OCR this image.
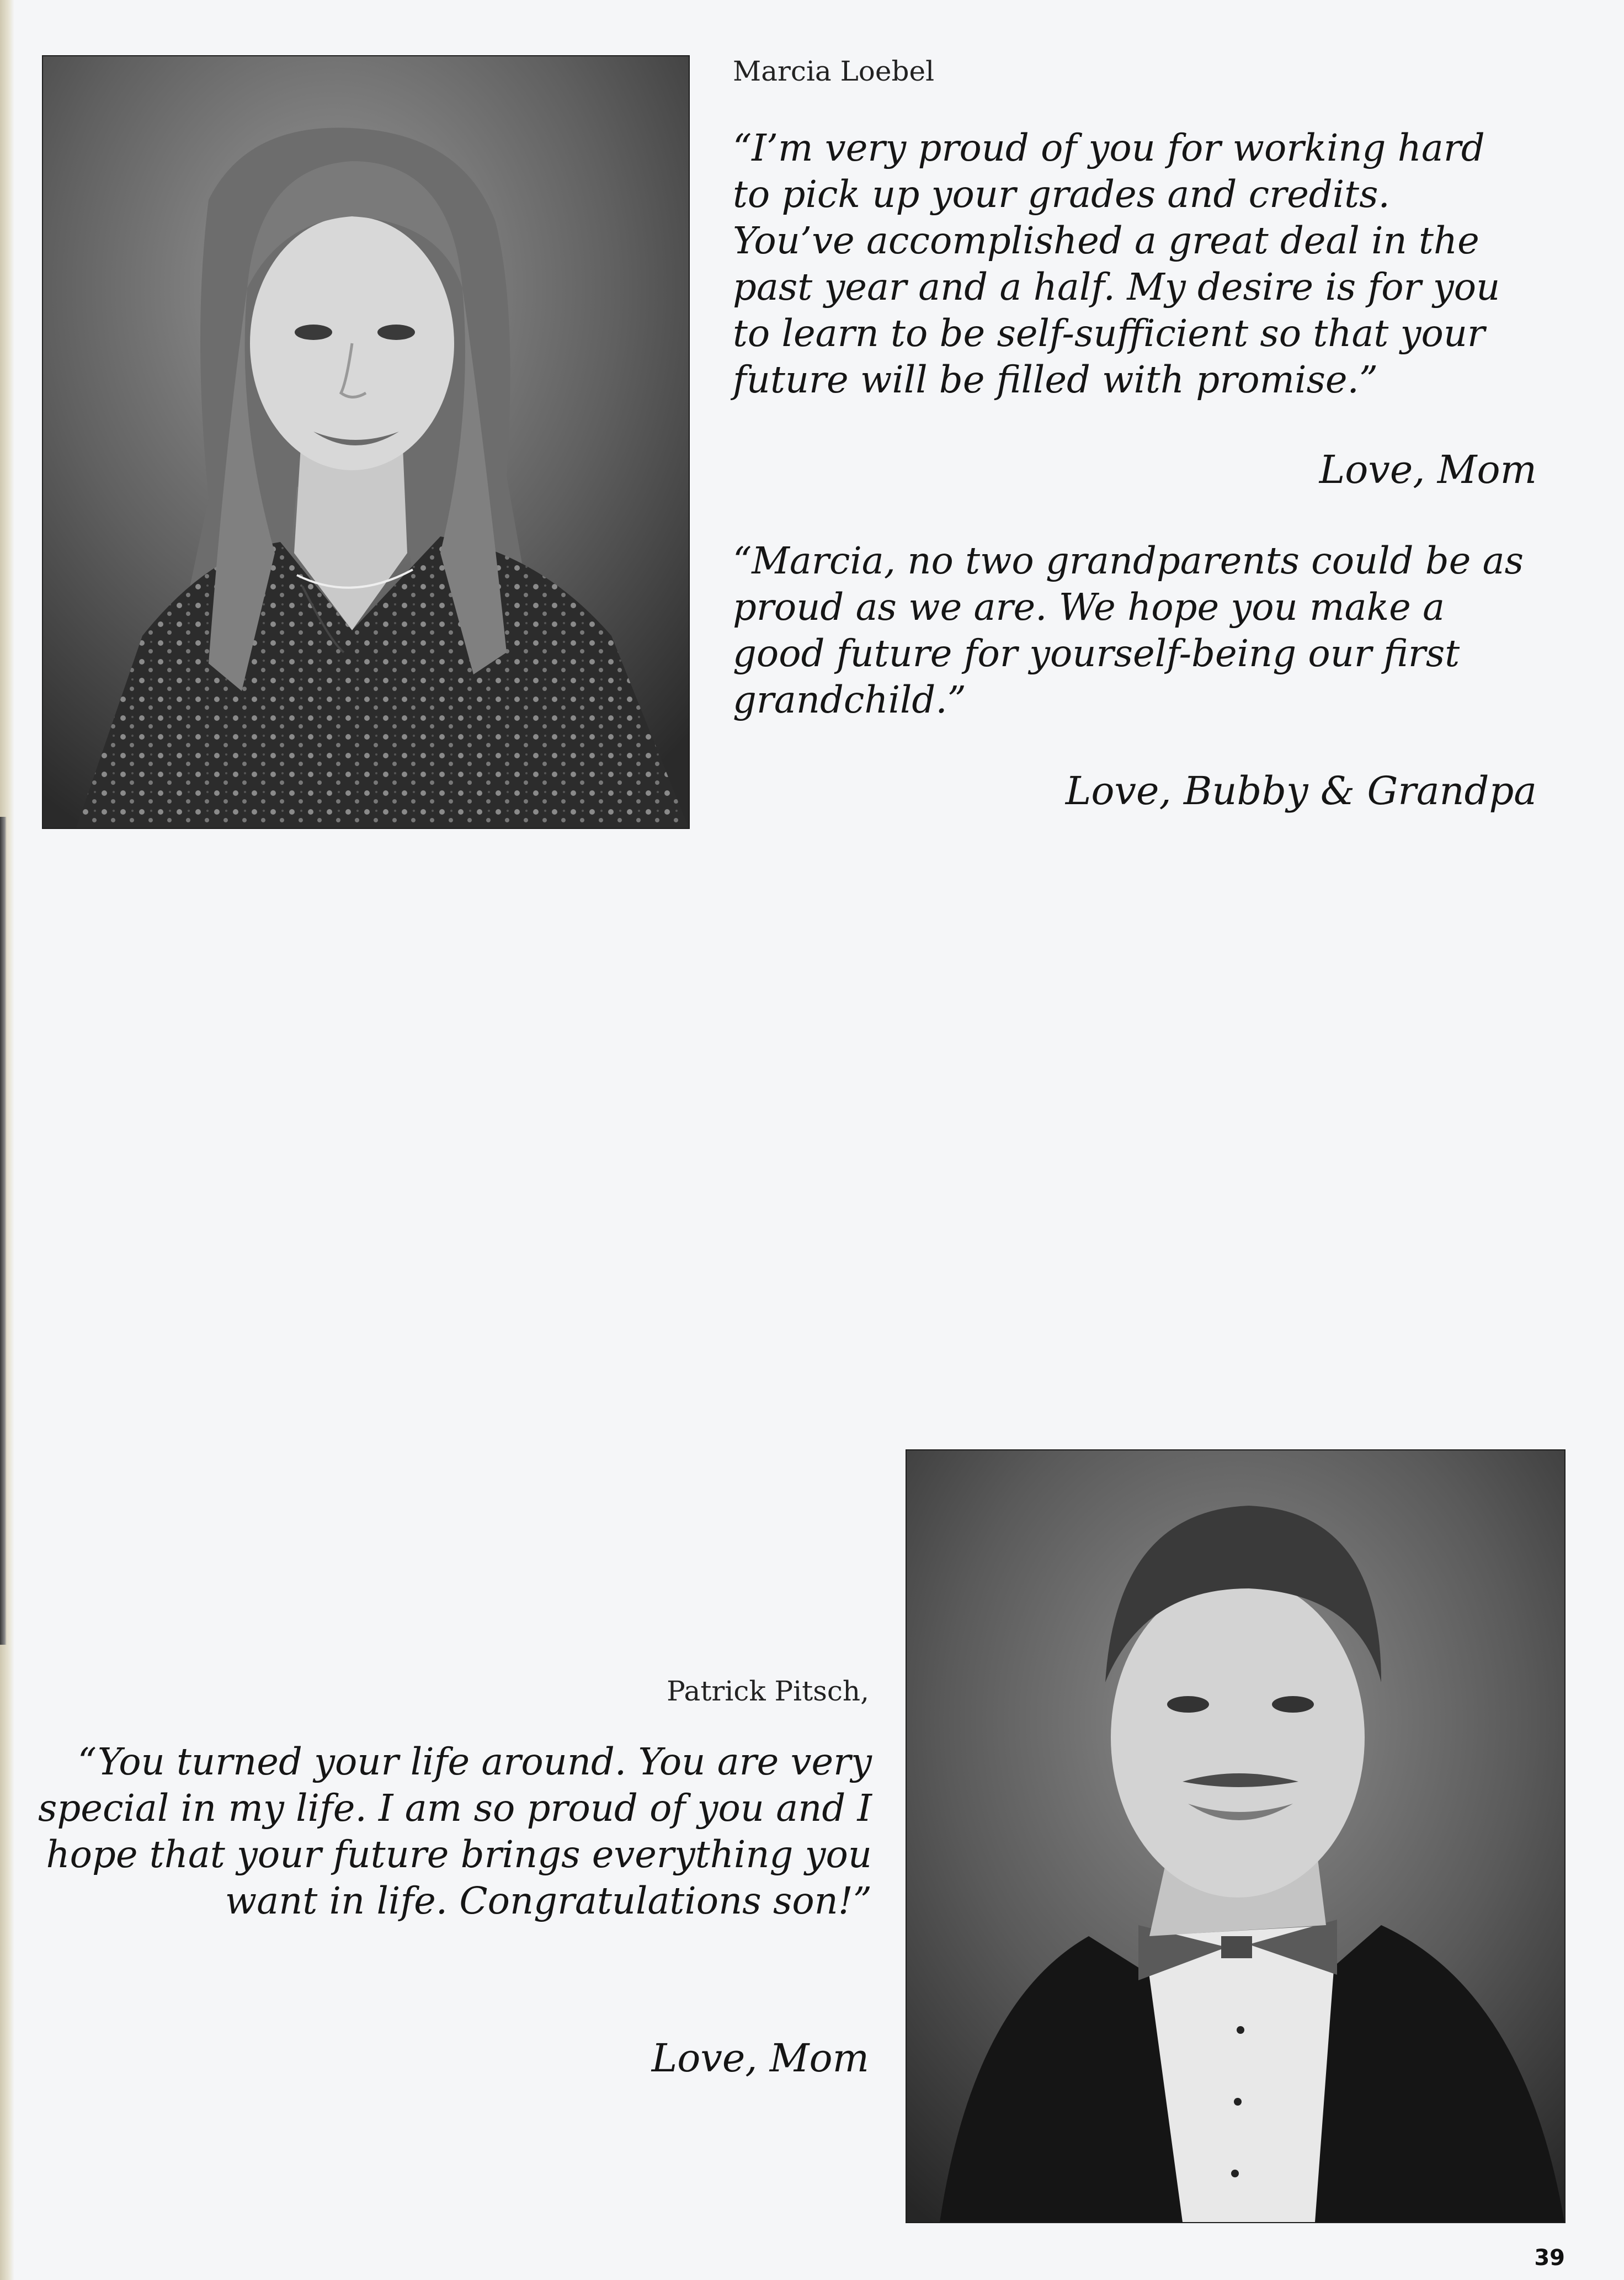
Marcia Loebel
“I’m very proud of you for working hard
to pick up your grades and credits.
You’ve accomplished a great deal in the
past year and a half. My desire is for you
to learn to be self-sufficient so that your
future will be filled with promise.”
Love, Mom
“Marcia, no two grandparents could be as
proud as we are. We hope you make a
good future for yourself-being our first
grandchild.”
Love, Bubby & Grandpa
Patrick Pitsch,
“You turned your life around. You are very
special in my life. I am so proud of you and I
hope that your future brings everything you
want in life. Congratulations son!”
Love, Mom
39
